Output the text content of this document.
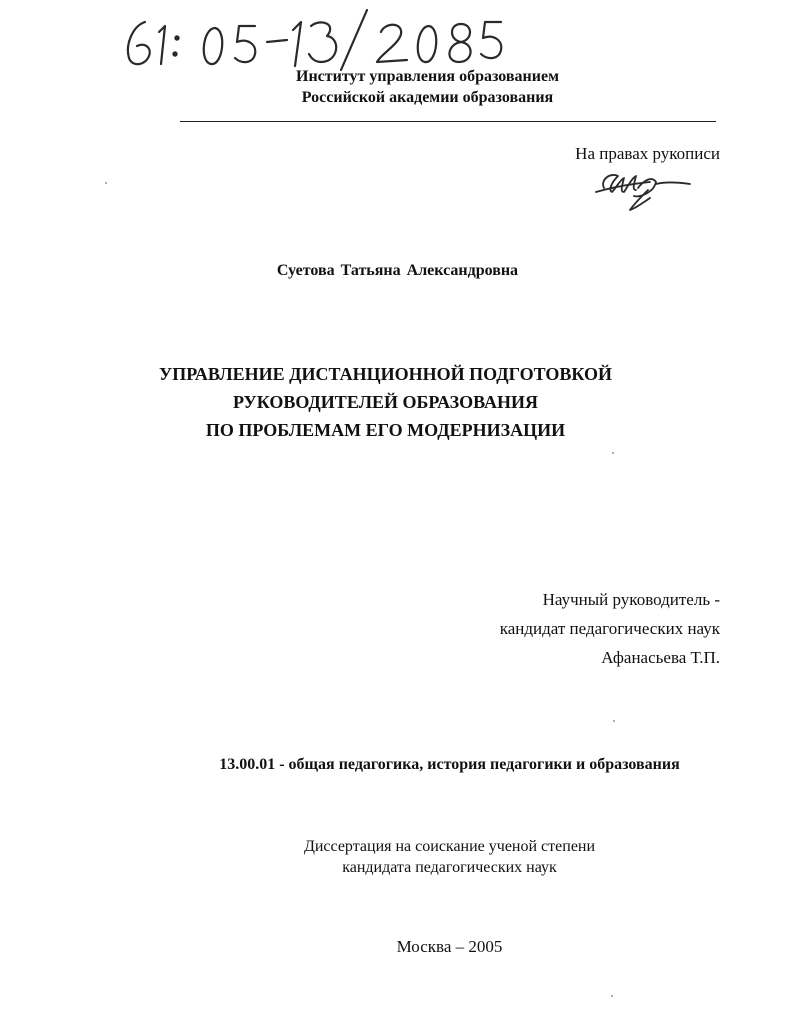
Институт управления образованием
Российской академии образования
На правах рукописи
Суетова Татьяна Александровна
УПРАВЛЕНИЕ ДИСТАНЦИОННОЙ ПОДГОТОВКОЙ
РУКОВОДИТЕЛЕЙ ОБРАЗОВАНИЯ
ПО ПРОБЛЕМАМ ЕГО МОДЕРНИЗАЦИИ
Научный руководитель -
кандидат педагогических наук
Афанасьева Т.П.
13.00.01 - общая педагогика, история педагогики и образования
Диссертация на соискание ученой степени
кандидата педагогических наук
Москва – 2005
